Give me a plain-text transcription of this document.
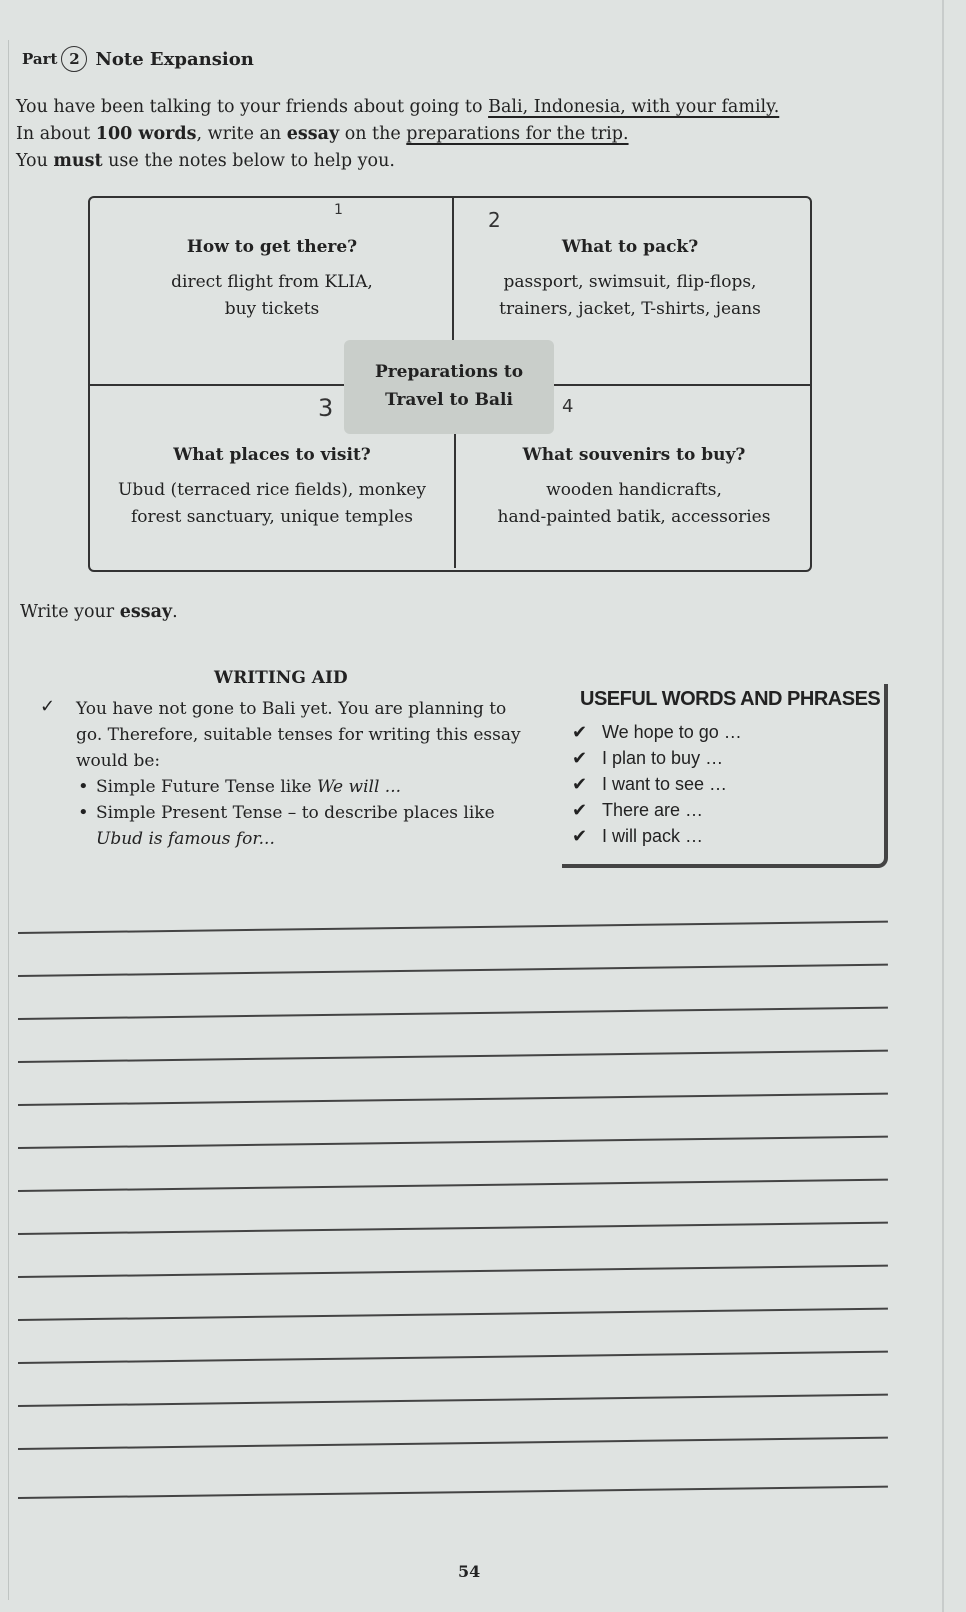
Part 2 Note Expansion

You have been talking to your friends about going to Bali, Indonesia, with your family.

In about 100 words, write an essay on the preparations for the trip.

You must use the notes below to help you.

1	2
3	4
How to get there?
direct flight from KLIA,
buy tickets
What to pack?
passport, swimsuit, flip-flops,
trainers, jacket, T-shirts, jeans
What places to visit?
Ubud (terraced rice fields), monkey
forest sanctuary, unique temples
What souvenirs to buy?
wooden handicrafts,
hand-painted batik, accessories
Preparations to
Travel to Bali
Write your essay.
WRITING AID
✓ You have not gone to Bali yet. You are planning to
go. Therefore, suitable tenses for writing this essay
would be:
• Simple Future Tense like We will ...
• Simple Present Tense – to describe places like
Ubud is famous for...
USEFUL WORDS AND PHRASES
✔ We hope to go …
✔ I plan to buy …
✔ I want to see …
✔ There are …
✔ I will pack …
54
